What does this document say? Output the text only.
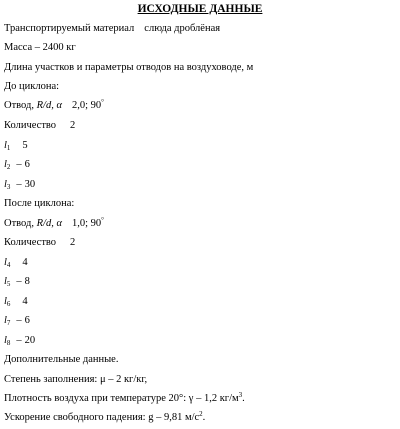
ИСХОДНЫЕ ДАННЫЕ
Транспортируемый материал слюда дроблёная
Масса – 2400 кг
Длина участков и параметры отводов на воздуховоде, м
До циклона:
Отвод, R/d, α 2,0; 90°
Количество 2
$l_1$ 5
$l_2 - 6$
$l_3 - 30$
После циклона:
Отвод, R/d, α 1,0; 90°
Количество 2
$l_4$ 4
$l_5 - 8$
$l_6$ 4
$l_7 - 6$
$l_8 - 20$
Дополнительные данные.
Степень заполнения: μ – 2 кг/кг,
Плотность воздуха при температуре 20°: γ – 1,2 $кг/м^3$.
Ускорение свободного падения: g – 9,81 $м/с^2$.
